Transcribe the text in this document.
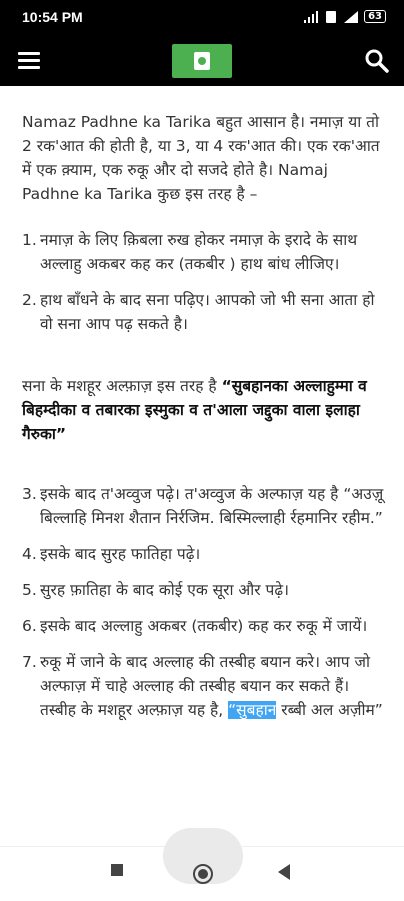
10:54 PM	63

Namaz Padhne ka Tarika बहुत आसान है। नमाज़ या तो 2 रक'आत की होती है, या 3, या 4 रक'आत की। एक रक'आत में एक क़्याम, एक रुकू और दो सजदे होते है। Namaj Padhne ka Tarika कुछ इस तरह है –

1. नमाज़ के लिए क़िबला रुख होकर नमाज़ के इरादे के साथ अल्लाहु अकबर कह कर (तकबीर ) हाथ बांध लीजिए।
2. हाथ बाँधने के बाद सना पढ़िए। आपको जो भी सना आता हो वो सना आप पढ़ सकते है।

सना के मशहूर अल्फ़ाज़ इस तरह है “सुबहानका अल्लाहुम्मा व बिहम्दीका व तबारका इस्मुका व त'आला जद्दुका वाला इलाहा गैरुका”

3. इसके बाद त'अव्वुज पढ़े। त'अव्वुज के अल्फाज़ यह है “अउज़ू बिल्लाहि मिनश शैतान निर्रजिम. बिस्मिल्लाही र्रहमानिर रहीम.”
4. इसके बाद सुरह फातिहा पढ़े।
5. सुरह फ़ातिहा के बाद कोई एक सूरा और पढ़े।
6. इसके बाद अल्लाहु अकबर (तकबीर) कह कर रुकू में जायें।
7. रुकू में जाने के बाद अल्लाह की तस्बीह बयान करे। आप जो अल्फाज़ में चाहे अल्लाह की तस्बीह बयान कर सकते हैं। तस्बीह के मशहूर अल्फ़ाज़ यह है, “सुबहान रब्बी अल अज़ीम”
